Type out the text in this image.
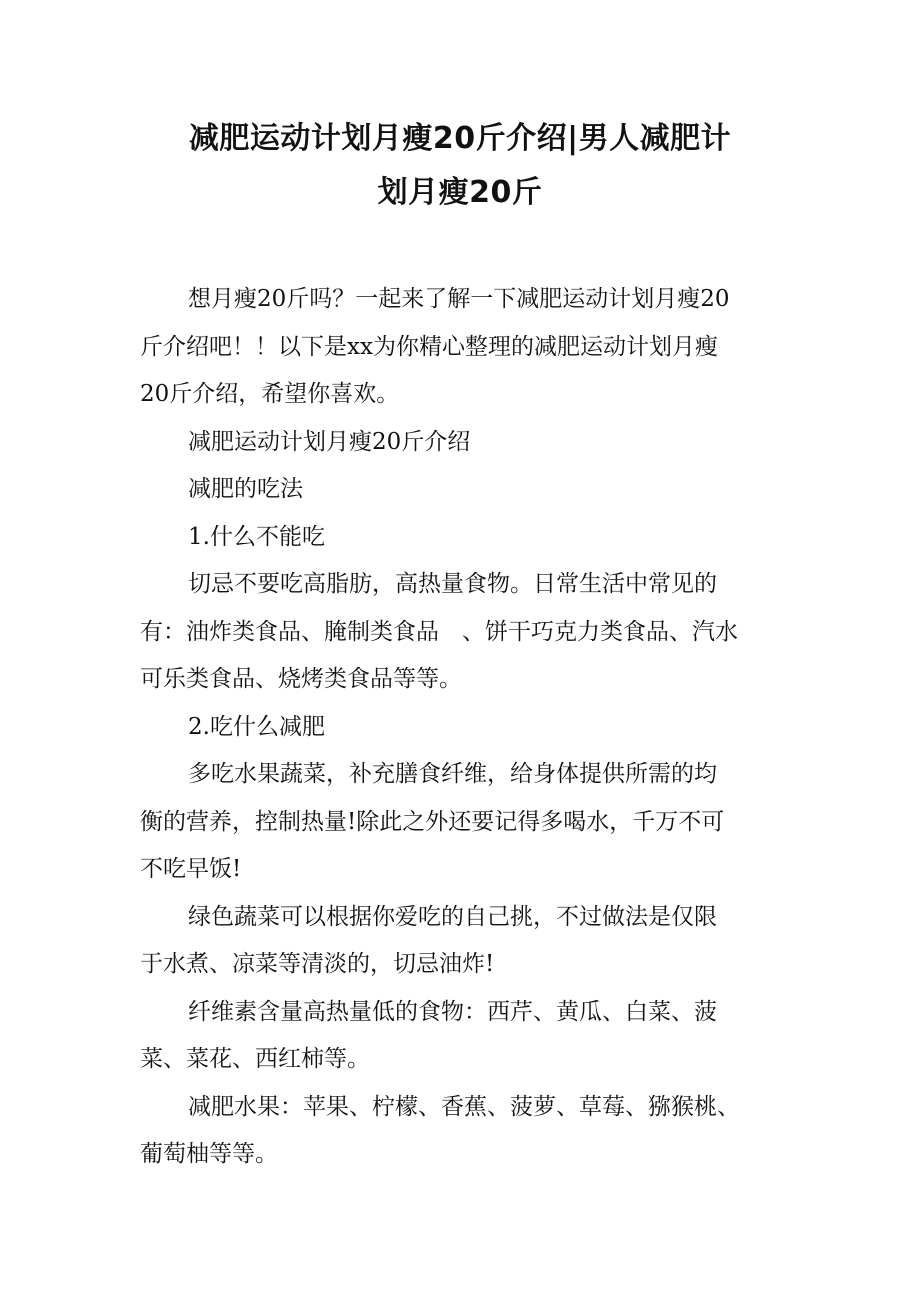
减肥运动计划月瘦20斤介绍|男人减肥计
划月瘦20斤

想月瘦20斤吗？一起来了解一下减肥运动计划月瘦20
斤介绍吧！！以下是xx为你精心整理的减肥运动计划月瘦
20斤介绍，希望你喜欢。

减肥运动计划月瘦20斤介绍

减肥的吃法

1.什么不能吃

切忌不要吃高脂肪，高热量食物。日常生活中常见的
有：油炸类食品、腌制类食品　、饼干巧克力类食品、汽水
可乐类食品、烧烤类食品等等。

2.吃什么减肥

多吃水果蔬菜，补充膳食纤维，给身体提供所需的均
衡的营养，控制热量!除此之外还要记得多喝水，千万不可
不吃早饭!

绿色蔬菜可以根据你爱吃的自己挑，不过做法是仅限
于水煮、凉菜等清淡的，切忌油炸!

纤维素含量高热量低的食物：西芹、黄瓜、白菜、菠
菜、菜花、西红柿等。

减肥水果：苹果、柠檬、香蕉、菠萝、草莓、猕猴桃、
葡萄柚等等。
